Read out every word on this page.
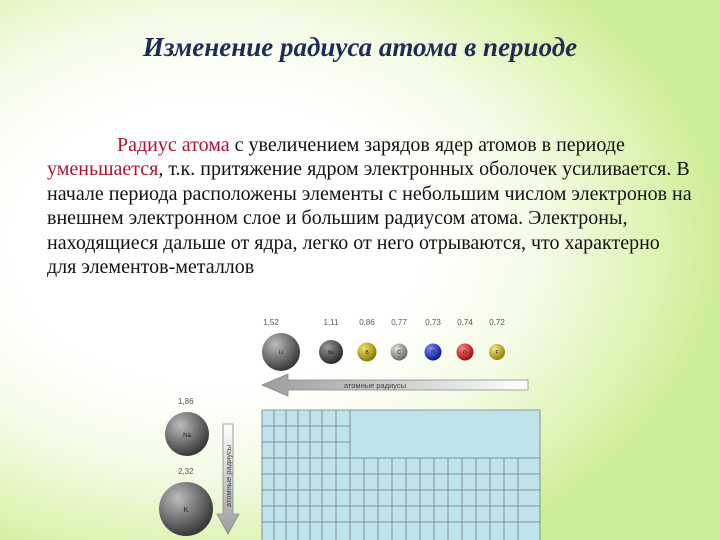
Изменение радиуса атома в периоде

Радиус атома с увеличением зарядов ядер атомов в периоде уменьшается, т.к. притяжение ядром электронных оболочек усиливается. В начале периода расположены элементы с небольшим числом электронов на внешнем электронном слое и большим радиусом атома. Электроны, находящиеся дальше от ядра, легко от него отрываются, что характерно для элементов-металлов

1,52	1,11	0,86 0,77 0,73 0,74 0,72
Li	Be	B	C	N	O	F
атомные радиусы
1,86
Na
2,32
K
атомные радиусы
